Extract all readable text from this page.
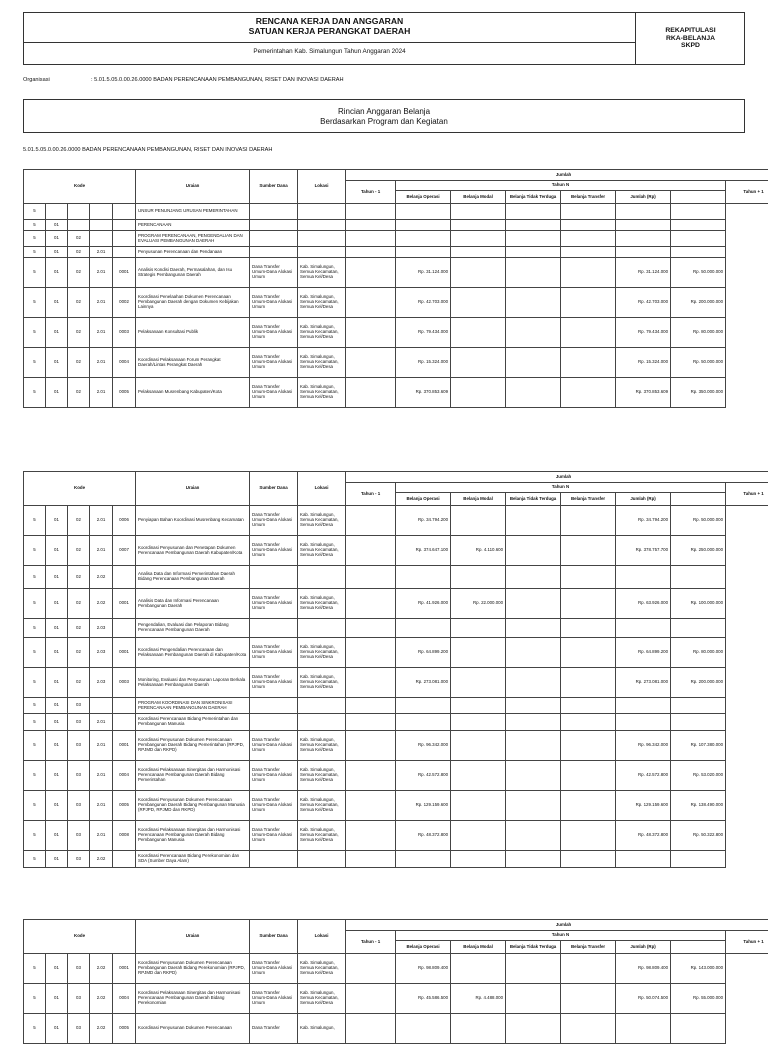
RENCANA KERJA DAN ANGGARAN
SATUAN KERJA PERANGKAT DAERAH
Pemerintahan Kab. Simalungun Tahun Anggaran 2024
REKAPITULASI
RKA-BELANJA
SKPD
Organisasi	: 5.01.5.05.0.00.26.0000 BADAN PERENCANAAN PEMBANGUNAN, RISET DAN INOVASI DAERAH
Rincian Anggaran Belanja
Berdasarkan Program dan Kegiatan
5.01.5.05.0.00.26.0000 BADAN PERENCANAAN PEMBANGUNAN, RISET DAN INOVASI DAERAH
Kode					Uraian	Sumber Dana	Lokasi	Jumlah							
								Tahun - 1	Tahun N						Tahun + 1
									Belanja Operasi	Belanja Modal	Belanja Tidak Terduga	Belanja Transfer	Jumlah (Rp)		
5					UNSUR PENUNJANG URUSAN PEMERINTAHAN										
5	01				PERENCANAAN										
5	01	02			PROGRAM PERENCANAAN, PENGENDALIAN DAN EVALUASI PEMBANGUNAN DAERAH										
5	01	02	2.01		Penyusunan Perencanaan dan Pendanaan										
5	01	02	2.01	0001	Analisis Kondisi Daerah, Permasalahan, dan Isu Strategis Pembangunan Daerah	Dana Transfer Umum-Dana Alokasi Umum	Kab. Simalungun, Semua Kecamatan, Semua Kel/Desa		Rp. 31.124.000				Rp. 31.124.000	Rp. 50.000.000	
5	01	02	2.01	0002	Koordinasi Penelaahan Dokumen Perencanaan Pembangunan Daerah dengan Dokumen Kebijakan Lainnya	Dana Transfer Umum-Dana Alokasi Umum	Kab. Simalungun, Semua Kecamatan, Semua Kel/Desa		Rp. 42.703.000				Rp. 42.703.000	Rp. 200.000.000	
5	01	02	2.01	0003	Pelaksanaan Konsultasi Publik	Dana Transfer Umum-Dana Alokasi Umum	Kab. Simalungun, Semua Kecamatan, Semua Kel/Desa		Rp. 79.434.000				Rp. 79.434.000	Rp. 80.000.000	
5	01	02	2.01	0004	Koordinasi Pelaksanaan Forum Perangkat Daerah/Lintas Perangkat Daerah	Dana Transfer Umum-Dana Alokasi Umum	Kab. Simalungun, Semua Kecamatan, Semua Kel/Desa		Rp. 15.324.000				Rp. 15.324.000	Rp. 50.000.000	
5	01	02	2.01	0005	Pelaksanaan Musrenbang Kabupaten/Kota	Dana Transfer Umum-Dana Alokasi Umum	Kab. Simalungun, Semua Kecamatan, Semua Kel/Desa		Rp. 370.853.609				Rp. 370.853.609	Rp. 350.000.000	
Kode					Uraian	Sumber Dana	Lokasi	Jumlah							
								Tahun - 1	Tahun N						Tahun + 1
									Belanja Operasi	Belanja Modal	Belanja Tidak Terduga	Belanja Transfer	Jumlah (Rp)		
5	01	02	2.01	0006	Penyiapan Bahan Koordinasi Musrenbang Kecamatan	Dana Transfer Umum-Dana Alokasi Umum	Kab. Simalungun, Semua Kecamatan, Semua Kel/Desa		Rp. 34.794.200				Rp. 34.794.200	Rp. 50.000.000	
5	01	02	2.01	0007	Koordinasi Penyusunan dan Penetapan Dokumen Perencanaan Pembangunan Daerah Kabupaten/Kota	Dana Transfer Umum-Dana Alokasi Umum	Kab. Simalungun, Semua Kecamatan, Semua Kel/Desa		Rp. 374.647.100	Rp. 4.110.600			Rp. 378.757.700	Rp. 250.000.000	
5	01	02	2.02		Analisa Data dan Informasi Pemerintahan Daerah Bidang Perencanaan Pembangunan Daerah										
5	01	02	2.02	0001	Analisis Data dan Informasi Perencanaan Pembangunan Daerah	Dana Transfer Umum-Dana Alokasi Umum	Kab. Simalungun, Semua Kecamatan, Semua Kel/Desa		Rp. 41.926.000	Rp. 22.000.000			Rp. 63.926.000	Rp. 100.000.000	
5	01	02	2.03		Pengendalian, Evaluasi dan Pelaporan Bidang Perencanaan Pembangunan Daerah										
5	01	02	2.03	0001	Koordinasi Pengendalian Perencanaan dan Pelaksanaan Pembangunan Daerah di Kabupaten/Kota	Dana Transfer Umum-Dana Alokasi Umum	Kab. Simalungun, Semua Kecamatan, Semua Kel/Desa		Rp. 64.899.200				Rp. 64.899.200	Rp. 80.000.000	
5	01	02	2.03	0003	Monitoring, Evaluasi dan Penyusunan Laporan Berkala Pelaksanaan Pembangunan Daerah	Dana Transfer Umum-Dana Alokasi Umum	Kab. Simalungun, Semua Kecamatan, Semua Kel/Desa		Rp. 273.081.000				Rp. 273.081.000	Rp. 200.000.000	
5	01	03			PROGRAM KOORDINASI DAN SINKRONISASI PERENCANAAN PEMBANGUNAN DAERAH										
5	01	03	2.01		Koordinasi Perencanaan Bidang Pemerintahan dan Pembangunan Manusia										
5	01	03	2.01	0001	Koordinasi Penyusunan Dokumen Perencanaan Pembangunan Daerah Bidang Pemerintahan (RPJPD, RPJMD dan RKPD)	Dana Transfer Umum-Dana Alokasi Umum	Kab. Simalungun, Semua Kecamatan, Semua Kel/Desa		Rp. 96.342.000				Rp. 96.342.000	Rp. 107.380.000	
5	01	03	2.01	0004	Koordinasi Pelaksanaan Sinergitas dan Harmonisasi Perencanaan Pembangunan Daerah Bidang Pemerintahan	Dana Transfer Umum-Dana Alokasi Umum	Kab. Simalungun, Semua Kecamatan, Semua Kel/Desa		Rp. 42.572.800				Rp. 42.572.800	Rp. 53.020.000	
5	01	03	2.01	0005	Koordinasi Penyusunan Dokumen Perencanaan Pembangunan Daerah Bidang Pembangunan Manusia (RPJPD, RPJMD dan RKPD)	Dana Transfer Umum-Dana Alokasi Umum	Kab. Simalungun, Semua Kecamatan, Semua Kel/Desa		Rp. 129.159.600				Rp. 129.159.600	Rp. 138.490.000	
5	01	03	2.01	0008	Koordinasi Pelaksanaan Sinergitas dan Harmonisasi Perencanaan Pembangunan Daerah Bidang Pembangunan Manusia	Dana Transfer Umum-Dana Alokasi Umum	Kab. Simalungun, Semua Kecamatan, Semua Kel/Desa		Rp. 48.372.800				Rp. 48.372.800	Rp. 50.322.800	
5	01	03	2.02		Koordinasi Perencanaan Bidang Perekonomian dan SDA (Sumber Daya Alam)										
Kode					Uraian	Sumber Dana	Lokasi	Jumlah							
								Tahun - 1	Tahun N						Tahun + 1
									Belanja Operasi	Belanja Modal	Belanja Tidak Terduga	Belanja Transfer	Jumlah (Rp)		
5	01	03	2.02	0001	Koordinasi Penyusunan Dokumen Perencanaan Pembangunan Daerah Bidang Perekonomian (RPJPD, RPJMD dan RKPD)	Dana Transfer Umum-Dana Alokasi Umum	Kab. Simalungun, Semua Kecamatan, Semua Kel/Desa		Rp. 98.809.400				Rp. 98.809.400	Rp. 143.000.000	
5	01	03	2.02	0004	Koordinasi Pelaksanaan Sinergitas dan Harmonisasi Perencanaan Pembangunan Daerah Bidang Perekonomian	Dana Transfer Umum-Dana Alokasi Umum	Kab. Simalungun, Semua Kecamatan, Semua Kel/Desa		Rp. 45.586.500	Rp. 4.488.000			Rp. 50.074.500	Rp. 55.000.000	
5	01	03	2.02	0005	Koordinasi Penyusunan Dokumen Perencanaan	Dana Transfer	Kab. Simalungun,								
